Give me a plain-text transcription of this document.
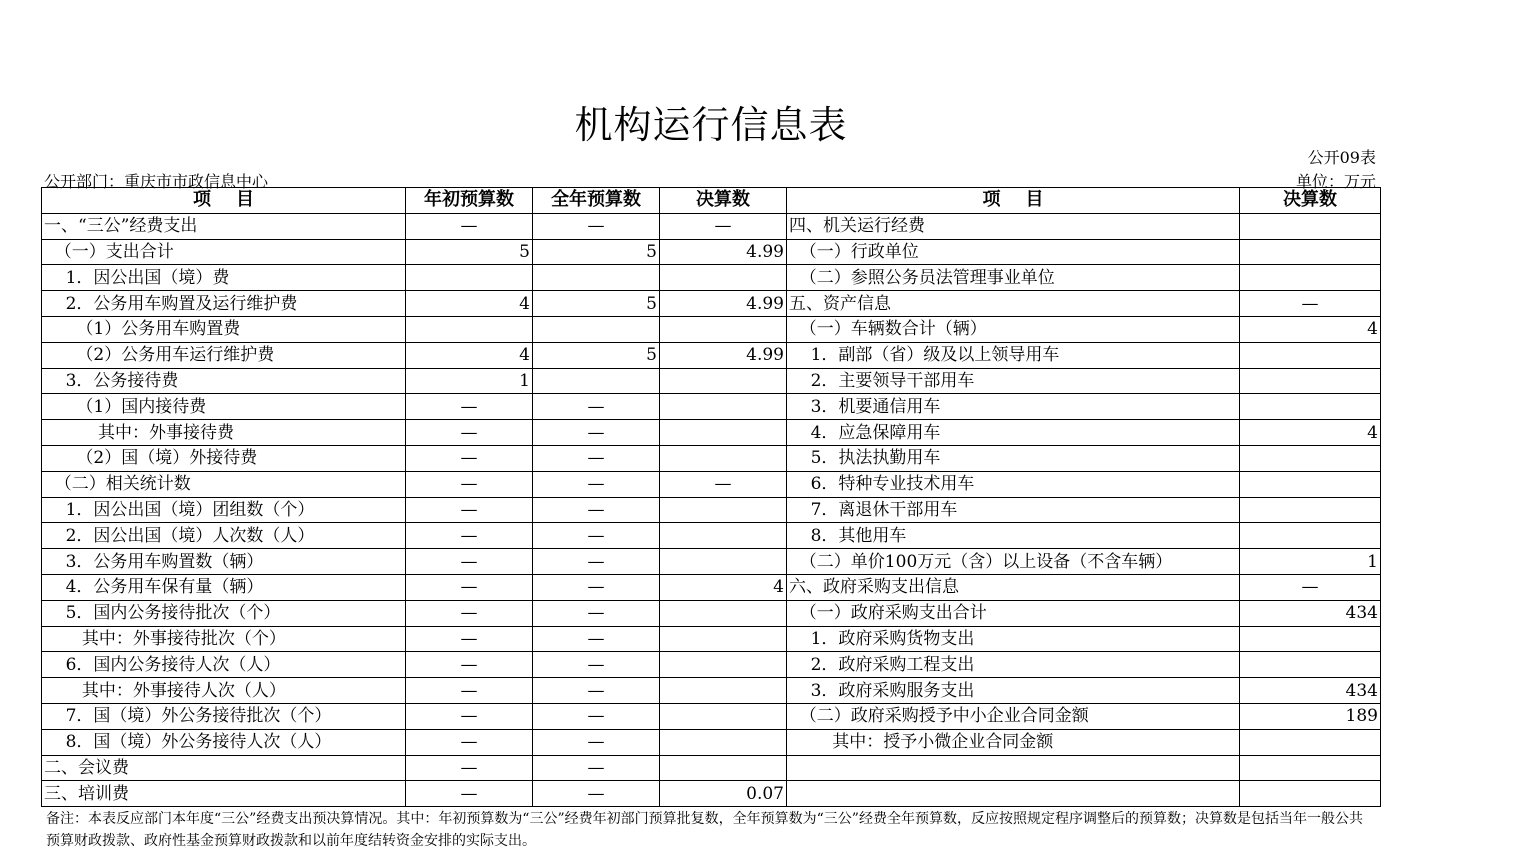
机构运行信息表
公开09表
公开部门：重庆市市政信息中心	单位：万元
项    目	年初预算数	全年预算数	决算数	项    目	决算数
一、“三公”经费支出	—	—	—	四、机关运行经费	
（一）支出合计	5	5	4.99	（一）行政单位	
1．因公出国（境）费				（二）参照公务员法管理事业单位	
2．公务用车购置及运行维护费	4	5	4.99	五、资产信息	—
（1）公务用车购置费				（一）车辆数合计（辆）	4
（2）公务用车运行维护费	4	5	4.99	1．副部（省）级及以上领导用车	
3．公务接待费	1			2．主要领导干部用车	
（1）国内接待费	—	—		3．机要通信用车	
其中：外事接待费	—	—		4．应急保障用车	4
（2）国（境）外接待费	—	—		5．执法执勤用车	
（二）相关统计数	—	—	—	6．特种专业技术用车	
1．因公出国（境）团组数（个）	—	—		7．离退休干部用车	
2．因公出国（境）人次数（人）	—	—		8．其他用车	
3．公务用车购置数（辆）	—	—		（二）单价100万元（含）以上设备（不含车辆）	1
4．公务用车保有量（辆）	—	—	4	六、政府采购支出信息	—
5．国内公务接待批次（个）	—	—		（一）政府采购支出合计	434
其中：外事接待批次（个）	—	—		1．政府采购货物支出	
6．国内公务接待人次（人）	—	—		2．政府采购工程支出	
其中：外事接待人次（人）	—	—		3．政府采购服务支出	434
7．国（境）外公务接待批次（个）	—	—		（二）政府采购授予中小企业合同金额	189
8．国（境）外公务接待人次（人）	—	—		其中：授予小微企业合同金额	
二、会议费	—	—			
三、培训费	—	—	0.07		
备注：本表反应部门本年度“三公”经费支出预决算情况。其中：年初预算数为“三公”经费年初部门预算批复数，全年预算数为“三公”经费全年预算数，反应按照规定程序调整后的预算数；决算数是包括当年一般公共预算财政拨款、政府性基金预算财政拨款和以前年度结转资金安排的实际支出。
